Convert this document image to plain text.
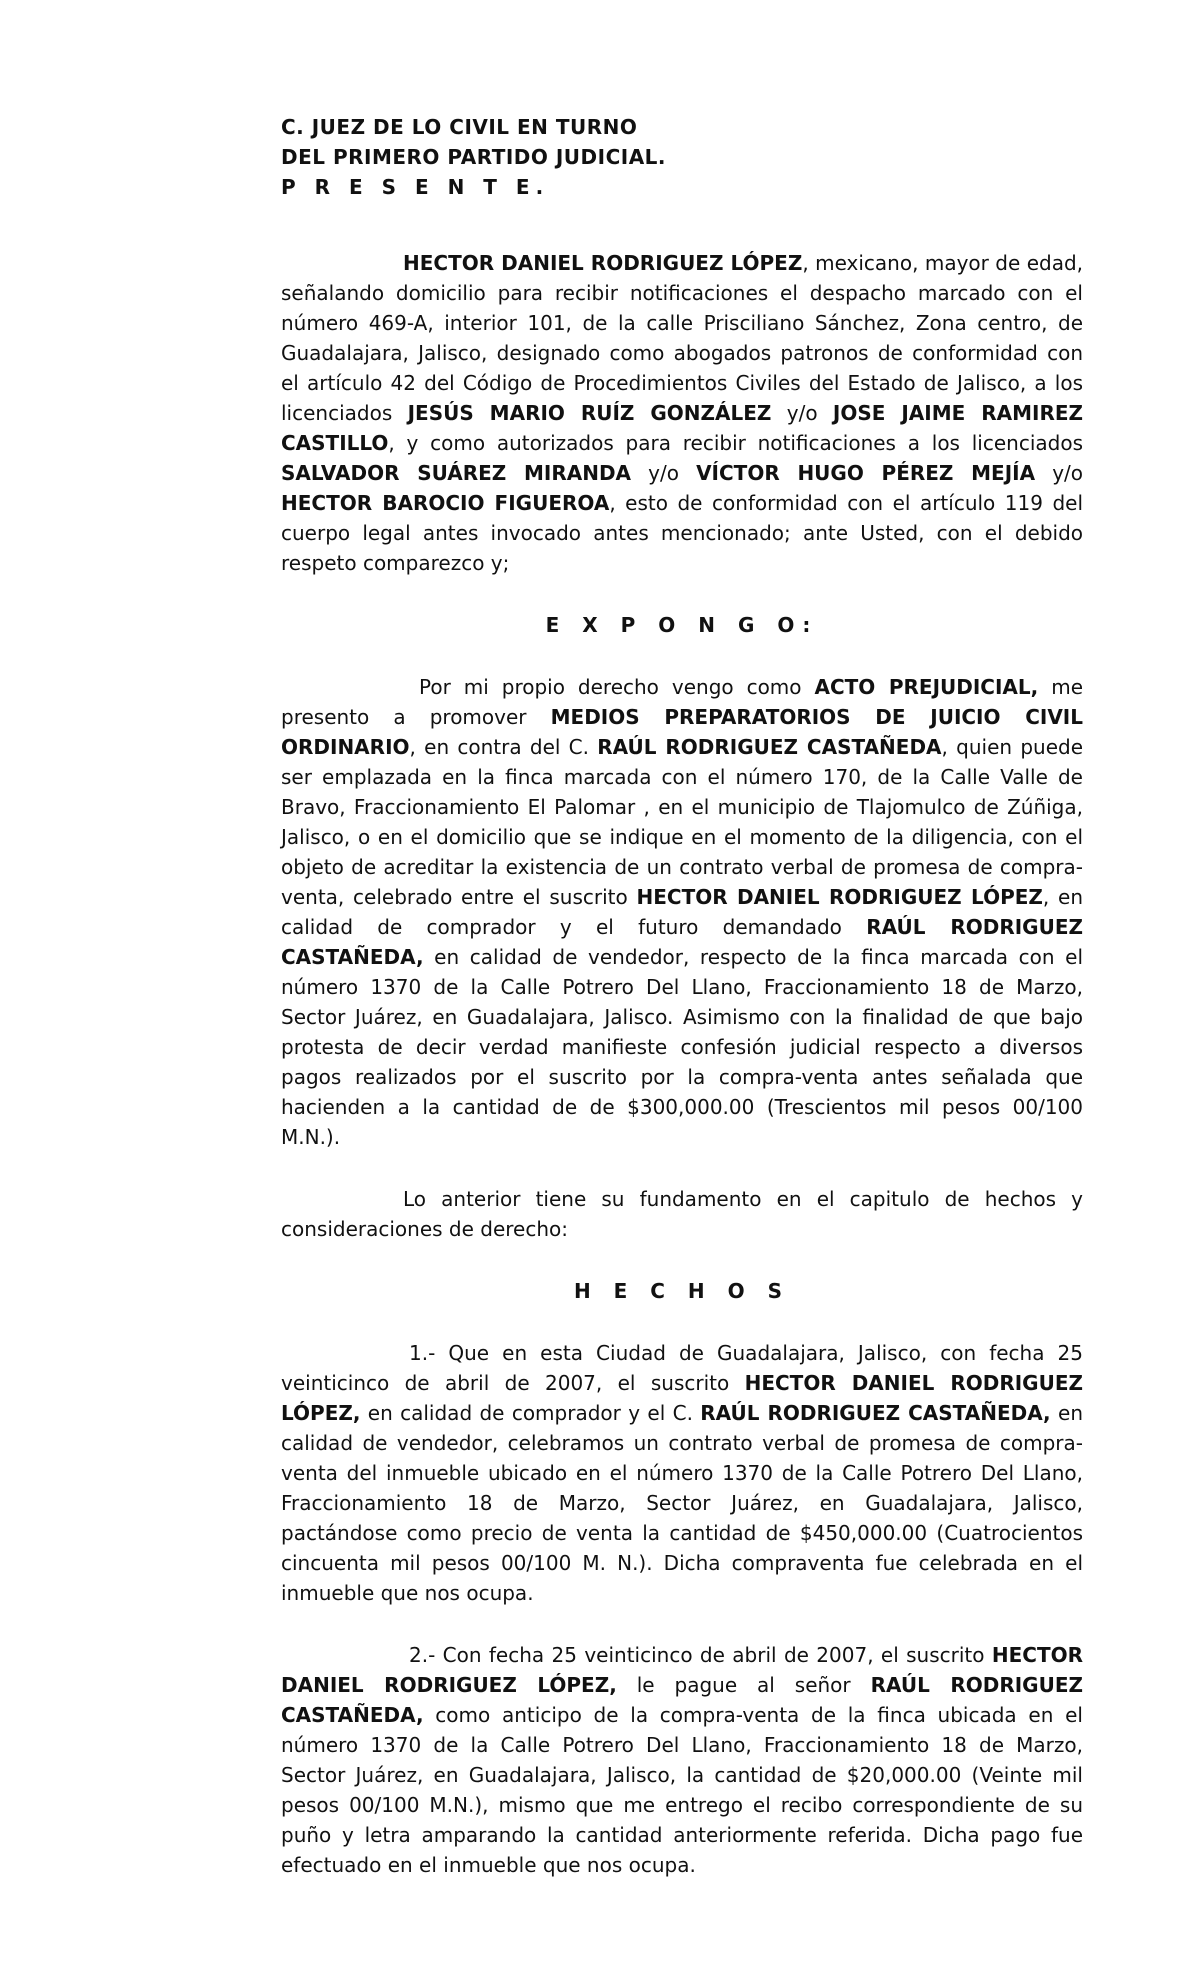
C. JUEZ DE LO CIVIL EN TURNO

DEL PRIMERO PARTIDO JUDICIAL.

P R E S E N T E.

HECTOR DANIEL RODRIGUEZ LÓPEZ, mexicano, mayor de edad, señalando domicilio para recibir notificaciones el despacho marcado con el número 469-A, interior 101, de la calle Prisciliano Sánchez, Zona centro, de Guadalajara, Jalisco, designado como abogados patronos de conformidad con el artículo 42 del Código de Procedimientos Civiles del Estado de Jalisco, a los licenciados JESÚS MARIO RUÍZ GONZÁLEZ y/o JOSE JAIME RAMIREZ CASTILLO, y como autorizados para recibir notificaciones a los licenciados SALVADOR SUÁREZ MIRANDA y/o VÍCTOR HUGO PÉREZ MEJÍA y/o HECTOR BAROCIO FIGUEROA, esto de conformidad con el artículo 119 del cuerpo legal antes invocado antes mencionado; ante Usted, con el debido respeto comparezco y;

E X P O N G O:

Por mi propio derecho vengo como ACTO PREJUDICIAL, me presento a promover MEDIOS PREPARATORIOS DE JUICIO CIVIL ORDINARIO, en contra del C. RAÚL RODRIGUEZ CASTAÑEDA, quien puede ser emplazada en la finca marcada con el número 170, de la Calle Valle de Bravo, Fraccionamiento El Palomar , en el municipio de Tlajomulco de Zúñiga, Jalisco, o en el domicilio que se indique en el momento de la diligencia, con el objeto de acreditar la existencia de un contrato verbal de promesa de compra-venta, celebrado entre el suscrito HECTOR DANIEL RODRIGUEZ LÓPEZ, en calidad de comprador y el futuro demandado RAÚL RODRIGUEZ CASTAÑEDA, en calidad de vendedor, respecto de la finca marcada con el número 1370 de la Calle Potrero Del Llano, Fraccionamiento 18 de Marzo, Sector Juárez, en Guadalajara, Jalisco. Asimismo con la finalidad de que bajo protesta de decir verdad manifieste confesión judicial respecto a diversos pagos realizados por el suscrito por la compra-venta antes señalada que hacienden a la cantidad de de $300,000.00 (Trescientos mil pesos 00/100 M.N.).

Lo anterior tiene su fundamento en el capitulo de hechos y consideraciones de derecho:

H E C H O S

1.- Que en esta Ciudad de Guadalajara, Jalisco, con fecha 25 veinticinco de abril de 2007, el suscrito HECTOR DANIEL RODRIGUEZ LÓPEZ, en calidad de comprador y el C. RAÚL RODRIGUEZ CASTAÑEDA, en calidad de vendedor, celebramos un contrato verbal de promesa de compra-venta del inmueble ubicado en el número 1370 de la Calle Potrero Del Llano, Fraccionamiento 18 de Marzo, Sector Juárez, en Guadalajara, Jalisco, pactándose como precio de venta la cantidad de $450,000.00 (Cuatrocientos cincuenta mil pesos 00/100 M. N.). Dicha compraventa fue celebrada en el inmueble que nos ocupa.

2.- Con fecha 25 veinticinco de abril de 2007, el suscrito HECTOR DANIEL RODRIGUEZ LÓPEZ, le pague al señor RAÚL RODRIGUEZ CASTAÑEDA, como anticipo de la compra-venta de la finca ubicada en el número 1370 de la Calle Potrero Del Llano, Fraccionamiento 18 de Marzo, Sector Juárez, en Guadalajara, Jalisco, la cantidad de $20,000.00 (Veinte mil pesos 00/100 M.N.), mismo que me entrego el recibo correspondiente de su puño y letra amparando la cantidad anteriormente referida. Dicha pago fue efectuado en el inmueble que nos ocupa.
